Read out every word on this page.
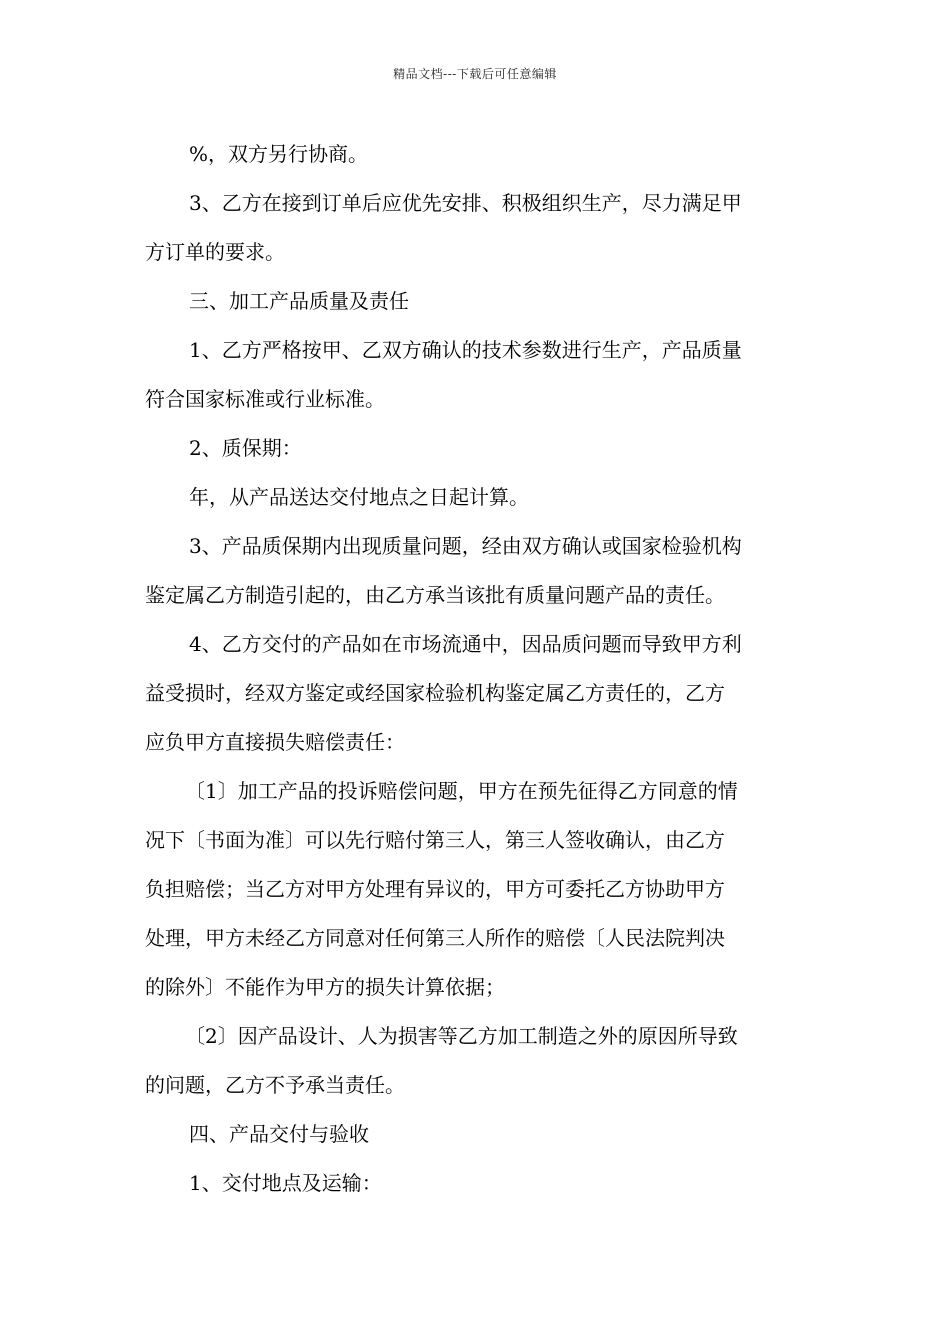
精品文档---下载后可任意编辑
%，双方另行协商。
3、乙方在接到订单后应优先安排、积极组织生产，尽力满足甲
方订单的要求。
三、加工产品质量及责任
1、乙方严格按甲、乙双方确认的技术参数进行生产，产品质量
符合国家标准或行业标准。
2、质保期：
年，从产品送达交付地点之日起计算。
3、产品质保期内出现质量问题，经由双方确认或国家检验机构
鉴定属乙方制造引起的，由乙方承当该批有质量问题产品的责任。
4、乙方交付的产品如在市场流通中，因品质问题而导致甲方利
益受损时，经双方鉴定或经国家检验机构鉴定属乙方责任的，乙方
应负甲方直接损失赔偿责任：
〔1〕加工产品的投诉赔偿问题，甲方在预先征得乙方同意的情
况下〔书面为准〕可以先行赔付第三人，第三人签收确认，由乙方
负担赔偿；当乙方对甲方处理有异议的，甲方可委托乙方协助甲方
处理，甲方未经乙方同意对任何第三人所作的赔偿〔人民法院判决
的除外〕不能作为甲方的损失计算依据；
〔2〕因产品设计、人为损害等乙方加工制造之外的原因所导致
的问题，乙方不予承当责任。
四、产品交付与验收
1、交付地点及运输：
